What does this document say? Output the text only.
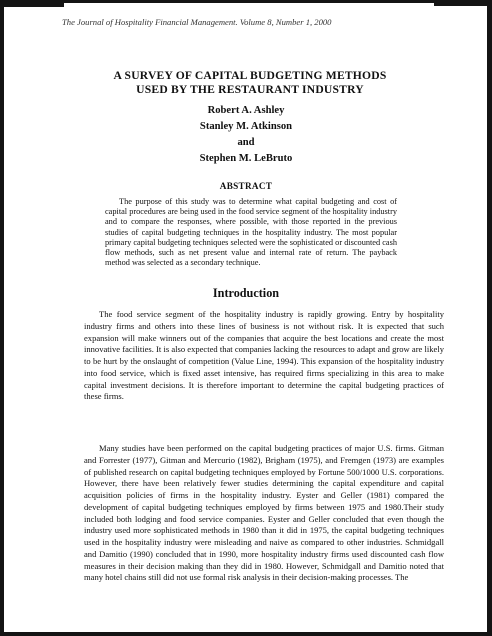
The Journal of Hospitality Financial Management. Volume 8, Number 1, 2000
A SURVEY OF CAPITAL BUDGETING METHODS
USED BY THE RESTAURANT INDUSTRY
Robert A. Ashley
Stanley M. Atkinson
and
Stephen M. LeBruto
ABSTRACT
The purpose of this study was to determine what capital budgeting and cost of capital procedures are being used in the food service segment of the hospitality industry and to compare the responses, where possible, with those reported in the previous studies of capital budgeting techniques in the hospitality industry. The most popular primary capital budgeting techniques selected were the sophisticated or discounted cash flow methods, such as net present value and internal rate of return. The payback method was selected as a secondary technique.
Introduction
The food service segment of the hospitality industry is rapidly growing. Entry by hospitality industry firms and others into these lines of business is not without risk. It is expected that such expansion will make winners out of the companies that acquire the best locations and create the most innovative facilities. It is also expected that companies lacking the resources to adapt and grow are likely to be hurt by the onslaught of competition (Value Line, 1994). This expansion of the hospitality industry into food service, which is fixed asset intensive, has required firms specializing in this area to make capital investment decisions. It is therefore important to determine the capital budgeting practices of these firms.
Many studies have been performed on the capital budgeting practices of major U.S. firms. Gitman and Forrester (1977), Gitman and Mercurio (1982), Brigham (1975), and Fremgen (1973) are examples of published research on capital budgeting techniques employed by Fortune 500/1000 U.S. corporations. However, there have been relatively fewer studies determining the capital expenditure and capital acquisition policies of firms in the hospitality industry. Eyster and Geller (1981) compared the development of capital budgeting techniques employed by firms between 1975 and 1980.Their study included both lodging and food service companies. Eyster and Geller concluded that even though the industry used more sophisticated methods in 1980 than it did in 1975, the capital budgeting techniques used in the hospitality industry were misleading and naive as compared to other industries. Schmidgall and Damitio (1990) concluded that in 1990, more hospitality industry firms used discounted cash flow measures in their decision making than they did in 1980. However, Schmidgall and Damitio noted that many hotel chains still did not use formal risk analysis in their decision-making processes. The
